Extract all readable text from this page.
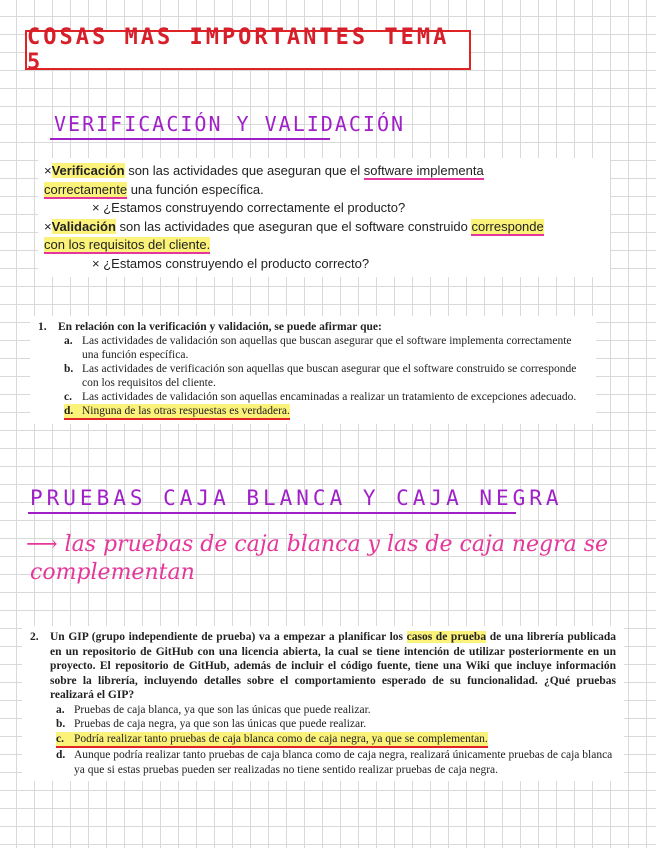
COSAS MAS IMPORTANTES TEMA 5
VERIFICACIÓN Y VALIDACIÓN

×Verificación son las actividades que aseguran que el software implementa

correctamente una función específica.

× ¿Estamos construyendo correctamente el producto?

×Validación son las actividades que aseguran que el software construido corresponde

con los requisitos del cliente.

× ¿Estamos construyendo el producto correcto?

1. En relación con la verificación y validación, se puede afirmar que:
a. Las actividades de validación son aquellas que buscan asegurar que el software implementa correctamente una función específica.
b. Las actividades de verificación son aquellas que buscan asegurar que el software construido se corresponde con los requisitos del cliente.
c. Las actividades de validación son aquellas encaminadas a realizar un tratamiento de excepciones adecuado.
d. Ninguna de las otras respuestas es verdadera.
PRUEBAS CAJA BLANCA Y CAJA NEGRA
⟶ las pruebas de caja blanca y las de caja negra se
complementan
2. Un GIP (grupo independiente de prueba) va a empezar a planificar los casos de prueba de una librería publicada en un repositorio de GitHub con una licencia abierta, la cual se tiene intención de utilizar posteriormente en un proyecto. El repositorio de GitHub, además de incluir el código fuente, tiene una Wiki que incluye información sobre la librería, incluyendo detalles sobre el comportamiento esperado de su funcionalidad. ¿Qué pruebas realizará el GIP?
a. Pruebas de caja blanca, ya que son las únicas que puede realizar.
b. Pruebas de caja negra, ya que son las únicas que puede realizar.
c. Podría realizar tanto pruebas de caja blanca como de caja negra, ya que se complementan.
d. Aunque podría realizar tanto pruebas de caja blanca como de caja negra, realizará únicamente pruebas de caja blanca ya que si estas pruebas pueden ser realizadas no tiene sentido realizar pruebas de caja negra.
